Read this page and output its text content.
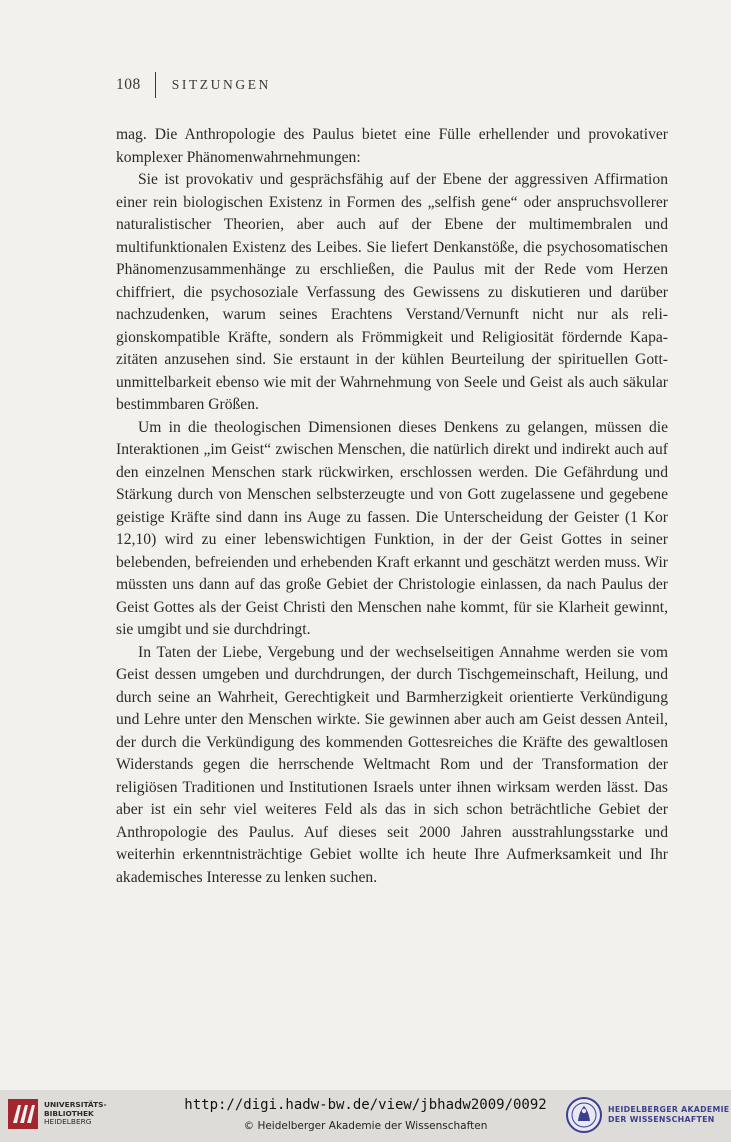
108 SITZUNGEN

mag. Die Anthropologie des Paulus bietet eine Fülle erhellender und provokativer komplexer Phänomenwahrnehmungen:

Sie ist provokativ und gesprächsfähig auf der Ebene der aggressiven Affirmation einer rein biologischen Existenz in Formen des „selfish gene“ oder anspruchsvollerer naturalistischer Theorien, aber auch auf der Ebene der multimembralen und multifunktionalen Existenz des Leibes. Sie liefert Denkanstöße, die psychosomatischen Phänomenzusammenhänge zu erschließen, die Paulus mit der Rede vom Herzen chiffriert, die psychosoziale Verfassung des Gewissens zu diskutieren und darüber nachzudenken, warum seines Erachtens Verstand/Vernunft nicht nur als religionskompatible Kräfte, sondern als Frömmigkeit und Religiosität fördernde Kapazitäten anzusehen sind. Sie erstaunt in der kühlen Beurteilung der spirituellen Gottunmittelbarkeit ebenso wie mit der Wahrnehmung von Seele und Geist als auch säkular bestimmbaren Größen.

Um in die theologischen Dimensionen dieses Denkens zu gelangen, müssen die Interaktionen „im Geist“ zwischen Menschen, die natürlich direkt und indirekt auch auf den einzelnen Menschen stark rückwirken, erschlossen werden. Die Gefährdung und Stärkung durch von Menschen selbsterzeugte und von Gott zugelassene und gegebene geistige Kräfte sind dann ins Auge zu fassen. Die Unterscheidung der Geister (1 Kor 12,10) wird zu einer lebenswichtigen Funktion, in der der Geist Gottes in seiner belebenden, befreienden und erhebenden Kraft erkannt und geschätzt werden muss. Wir müssten uns dann auf das große Gebiet der Christologie einlassen, da nach Paulus der Geist Gottes als der Geist Christi den Menschen nahe kommt, für sie Klarheit gewinnt, sie umgibt und sie durchdringt.

In Taten der Liebe, Vergebung und der wechselseitigen Annahme werden sie vom Geist dessen umgeben und durchdrungen, der durch Tischgemeinschaft, Heilung, und durch seine an Wahrheit, Gerechtigkeit und Barmherzigkeit orientierte Verkündigung und Lehre unter den Menschen wirkte. Sie gewinnen aber auch am Geist dessen Anteil, der durch die Verkündigung des kommenden Gottesreiches die Kräfte des gewaltlosen Widerstands gegen die herrschende Weltmacht Rom und der Transformation der religiösen Traditionen und Institutionen Israels unter ihnen wirksam werden lässt. Das aber ist ein sehr viel weiteres Feld als das in sich schon beträchtliche Gebiet der Anthropologie des Paulus. Auf dieses seit 2000 Jahren ausstrahlungsstarke und weiterhin erkenntnisträchtige Gebiet wollte ich heute Ihre Aufmerksamkeit und Ihr akademisches Interesse zu lenken suchen.

UNIVERSITÄTS-
BIBLIOTHEK
HEIDELBERG
http://digi.hadw-bw.de/view/jbhadw2009/0092
© Heidelberger Akademie der Wissenschaften
HEIDELBERGER AKADEMIE
DER WISSENSCHAFTEN
